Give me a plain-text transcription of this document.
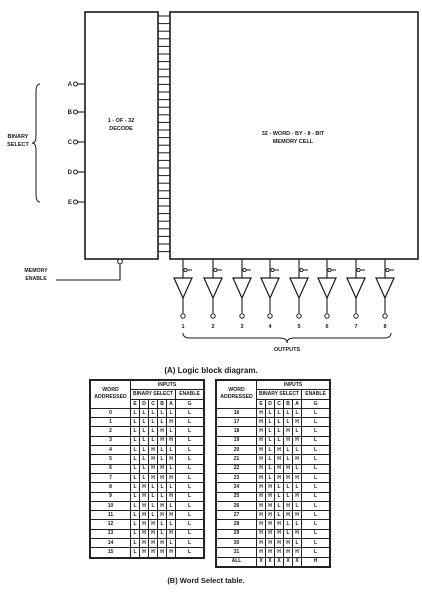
1 - OF - 32
DECODE
32 - WORD - BY - 8 - BIT
MEMORY CELL
A
B
C
D
E
BINARY
SELECT
MEMORY
ENABLE
1	2	3	4	5	6	7	8
OUTPUTS
(A) Logic block diagram.
(B) Word Select table.
WORD ADDRESSED	INPUTS					
	BINARY SELECT					ENABLE
	E	D	C	B	A	G
0	L	L	L	L	L	L
1	L	L	L	L	H	L
2	L	L	L	H	L	L
3	L	L	L	H	H	L
4	L	L	H	L	L	L
5	L	L	H	L	H	L
6	L	L	H	H	L	L
7	L	L	H	H	H	L
8	L	H	L	L	L	L
9	L	H	L	L	H	L
10	L	H	L	H	L	L
11	L	H	L	H	H	L
12	L	H	H	L	L	L
13	L	H	H	L	H	L
14	L	H	H	H	L	L
15	L	H	H	H	H	L
WORD ADDRESSED	INPUTS					
	BINARY SELECT					ENABLE
	E	D	C	B	A	G
16	H	L	L	L	L	L
17	H	L	L	L	H	L
18	H	L	L	H	L	L
19	H	L	L	H	H	L
20	H	L	H	L	L	L
21	H	L	H	L	H	L
22	H	L	H	H	L	L
23	H	L	H	H	H	L
24	H	H	L	L	L	L
25	H	H	L	L	H	L
26	H	H	L	H	L	L
27	H	H	L	H	H	L
28	H	H	H	L	L	L
29	H	H	H	L	H	L
30	H	H	H	H	L	L
31	H	H	H	H	H	L
ALL	X	X	X	X	X	H
